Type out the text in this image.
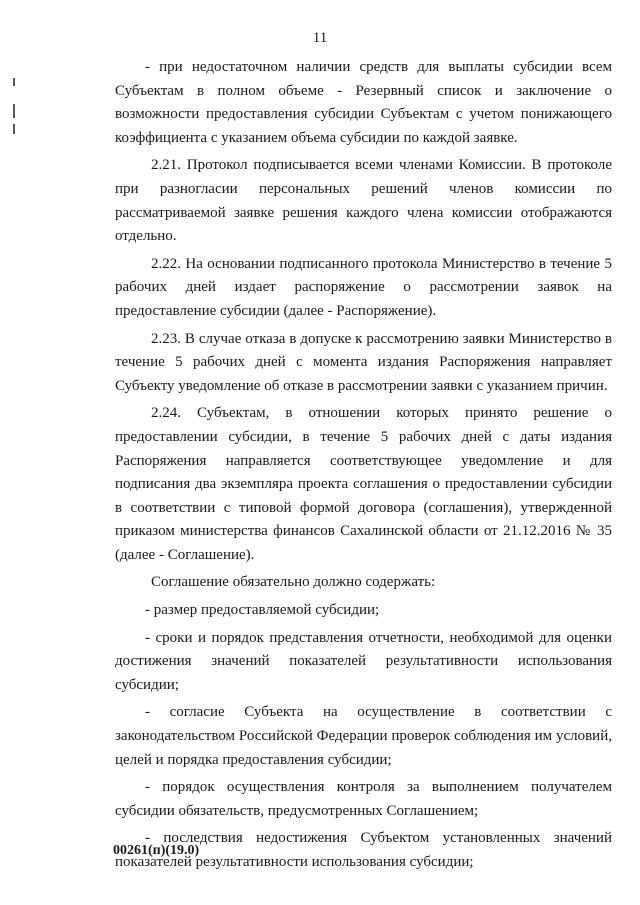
11

- при недостаточном наличии средств для выплаты субсидии всем Субъектам в полном объеме - Резервный список и заключение о возможности предоставления субсидии Субъектам с учетом понижающего коэффициента с указанием объема субсидии по каждой заявке.

2.21. Протокол подписывается всеми членами Комиссии. В протоколе при разногласии персональных решений членов комиссии по рассматриваемой заявке решения каждого члена комиссии отображаются отдельно.

2.22. На основании подписанного протокола Министерство в течение 5 рабочих дней издает распоряжение о рассмотрении заявок на предоставление субсидии (далее - Распоряжение).

2.23. В случае отказа в допуске к рассмотрению заявки Министерство в течение 5 рабочих дней с момента издания Распоряжения направляет Субъекту уведомление об отказе в рассмотрении заявки с указанием причин.

2.24. Субъектам, в отношении которых принято решение о предоставлении субсидии, в течение 5 рабочих дней с даты издания Распоряжения направляется соответствующее уведомление и для подписания два экземпляра проекта соглашения о предоставлении субсидии в соответствии с типовой формой договора (соглашения), утвержденной приказом министерства финансов Сахалинской области от 21.12.2016 № 35 (далее - Соглашение).

Соглашение обязательно должно содержать:

- размер предоставляемой субсидии;

- сроки и порядок представления отчетности, необходимой для оценки достижения значений показателей результативности использования субсидии;

- согласие Субъекта на осуществление в соответствии с законодательством Российской Федерации проверок соблюдения им условий, целей и порядка предоставления субсидии;

- порядок осуществления контроля за выполнением получателем субсидии обязательств, предусмотренных Соглашением;

- последствия недостижения Субъектом установленных значений показателей результативности использования субсидии;

00261(п)(19.0)
